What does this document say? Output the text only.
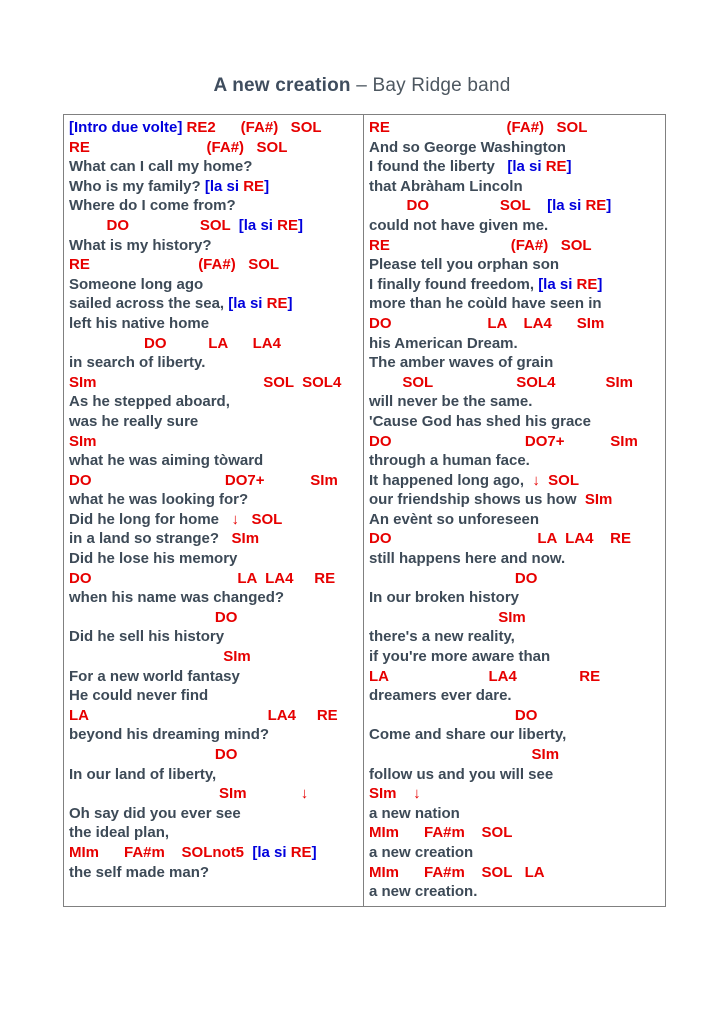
A new creation – Bay Ridge band
[Intro due volte] RE2      (FA#)   SOL
RE                            (FA#)   SOL
What can I call my home?
Who is my family? [la si RE]
Where do I come from?
DO                 SOL  [la si RE]
What is my history?
RE                          (FA#)   SOL
Someone long ago
sailed across the sea, [la si RE]
left his native home
DO          LA      LA4
in search of liberty.
SIm                                        SOL  SOL4
As he stepped aboard,
was he really sure
SIm
what he was aiming tòward
DO                                DO7+           SIm
what he was looking for?
Did he long for home   ↓   SOL
in a land so strange?   SIm
Did he lose his memory
DO                                   LA  LA4     RE
when his name was changed?
DO
Did he sell his history
SIm
For a new world fantasy
He could never find
LA                                           LA4     RE
beyond his dreaming mind?
DO
In our land of liberty,
SIm             ↓
Oh say did you ever see
the ideal plan,
MIm      FA#m    SOLnot5  [la si RE]
the self made man?
RE                            (FA#)   SOL
And so George Washington
I found the liberty   [la si RE]
that Abràham Lincoln
DO                 SOL    [la si RE]
could not have given me.
RE                             (FA#)   SOL
Please tell you orphan son
I finally found freedom, [la si RE]
more than he coùld have seen in
DO                       LA    LA4      SIm
his American Dream.
The amber waves of grain
SOL                    SOL4            SIm
will never be the same.
'Cause God has shed his grace
DO                                DO7+           SIm
through a human face.
It happened long ago,  ↓  SOL
our friendship shows us how  SIm
An evènt so unforeseen
DO                                   LA  LA4    RE
still happens here and now.
DO
In our broken history
SIm
there's a new reality,
if you're more aware than
LA                        LA4               RE
dreamers ever dare.
DO
Come and share our liberty,
SIm
follow us and you will see
SIm    ↓
a new nation
MIm      FA#m    SOL
a new creation
MIm      FA#m    SOL   LA
a new creation.
